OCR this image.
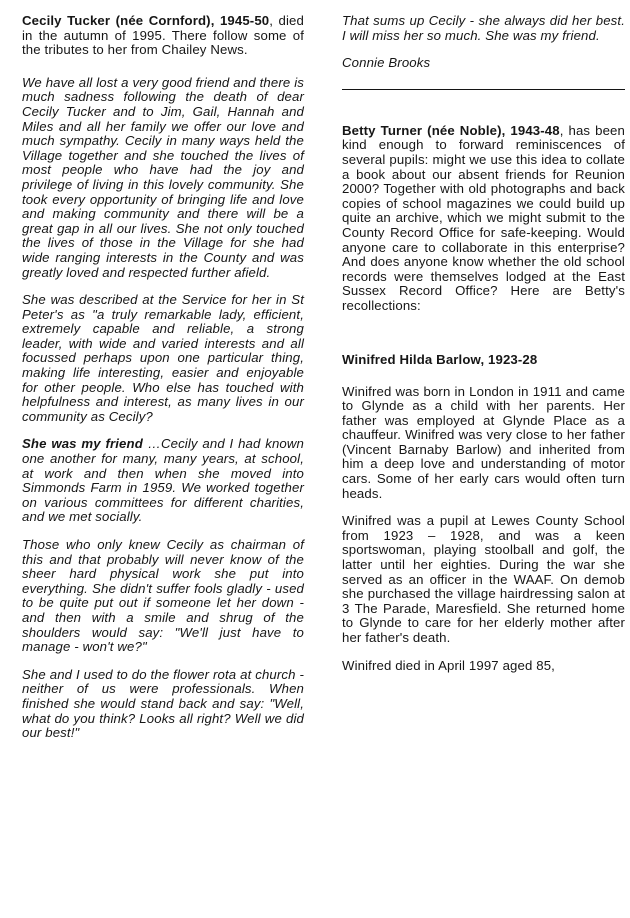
Cecily Tucker (née Cornford), 1945-50, died in the autumn of 1995. There follow some of the tributes to her from Chailey News.

We have all lost a very good friend and there is much sadness following the death of dear Cecily Tucker and to Jim, Gail, Hannah and Miles and all her family we offer our love and much sympathy. Cecily in many ways held the Village together and she touched the lives of most people who have had the joy and privilege of living in this lovely community. She took every opportunity of bringing life and love and making community and there will be a great gap in all our lives. She not only touched the lives of those in the Village for she had wide ranging interests in the County and was greatly loved and respected further afield.

She was described at the Service for her in St Peter's as "a truly remarkable lady, efficient, extremely capable and reliable, a strong leader, with wide and varied interests and all focussed perhaps upon one particular thing, making life interesting, easier and enjoyable for other people. Who else has touched with helpfulness and interest, as many lives in our community as Cecily?

She was my friend …Cecily and I had known one another for many, many years, at school, at work and then when she moved into Simmonds Farm in 1959. We worked together on various committees for different charities, and we met socially.

Those who only knew Cecily as chairman of this and that probably will never know of the sheer hard physical work she put into everything. She didn't suffer fools gladly - used to be quite put out if someone let her down - and then with a smile and shrug of the shoulders would say: "We'll just have to manage - won't we?"

She and I used to do the flower rota at church - neither of us were professionals. When finished she would stand back and say: "Well, what do you think? Looks all right? Well we did our best!"

That sums up Cecily - she always did her best. I will miss her so much. She was my friend.

Connie Brooks

Betty Turner (née Noble), 1943-48, has been kind enough to forward reminiscences of several pupils: might we use this idea to collate a book about our absent friends for Reunion 2000? Together with old photographs and back copies of school magazines we could build up quite an archive, which we might submit to the County Record Office for safe-keeping. Would anyone care to collaborate in this enterprise? And does anyone know whether the old school records were themselves lodged at the East Sussex Record Office? Here are Betty's recollections:

Winifred Hilda Barlow, 1923-28

Winifred was born in London in 1911 and came to Glynde as a child with her parents. Her father was employed at Glynde Place as a chauffeur. Winifred was very close to her father (Vincent Barnaby Barlow) and inherited from him a deep love and understanding of motor cars. Some of her early cars would often turn heads.

Winifred was a pupil at Lewes County School from 1923 – 1928, and was a keen sportswoman, playing stoolball and golf, the latter until her eighties. During the war she served as an officer in the WAAF. On demob she purchased the village hairdressing salon at 3 The Parade, Maresfield. She returned home to Glynde to care for her elderly mother after her father's death.

Winifred died in April 1997 aged 85,
